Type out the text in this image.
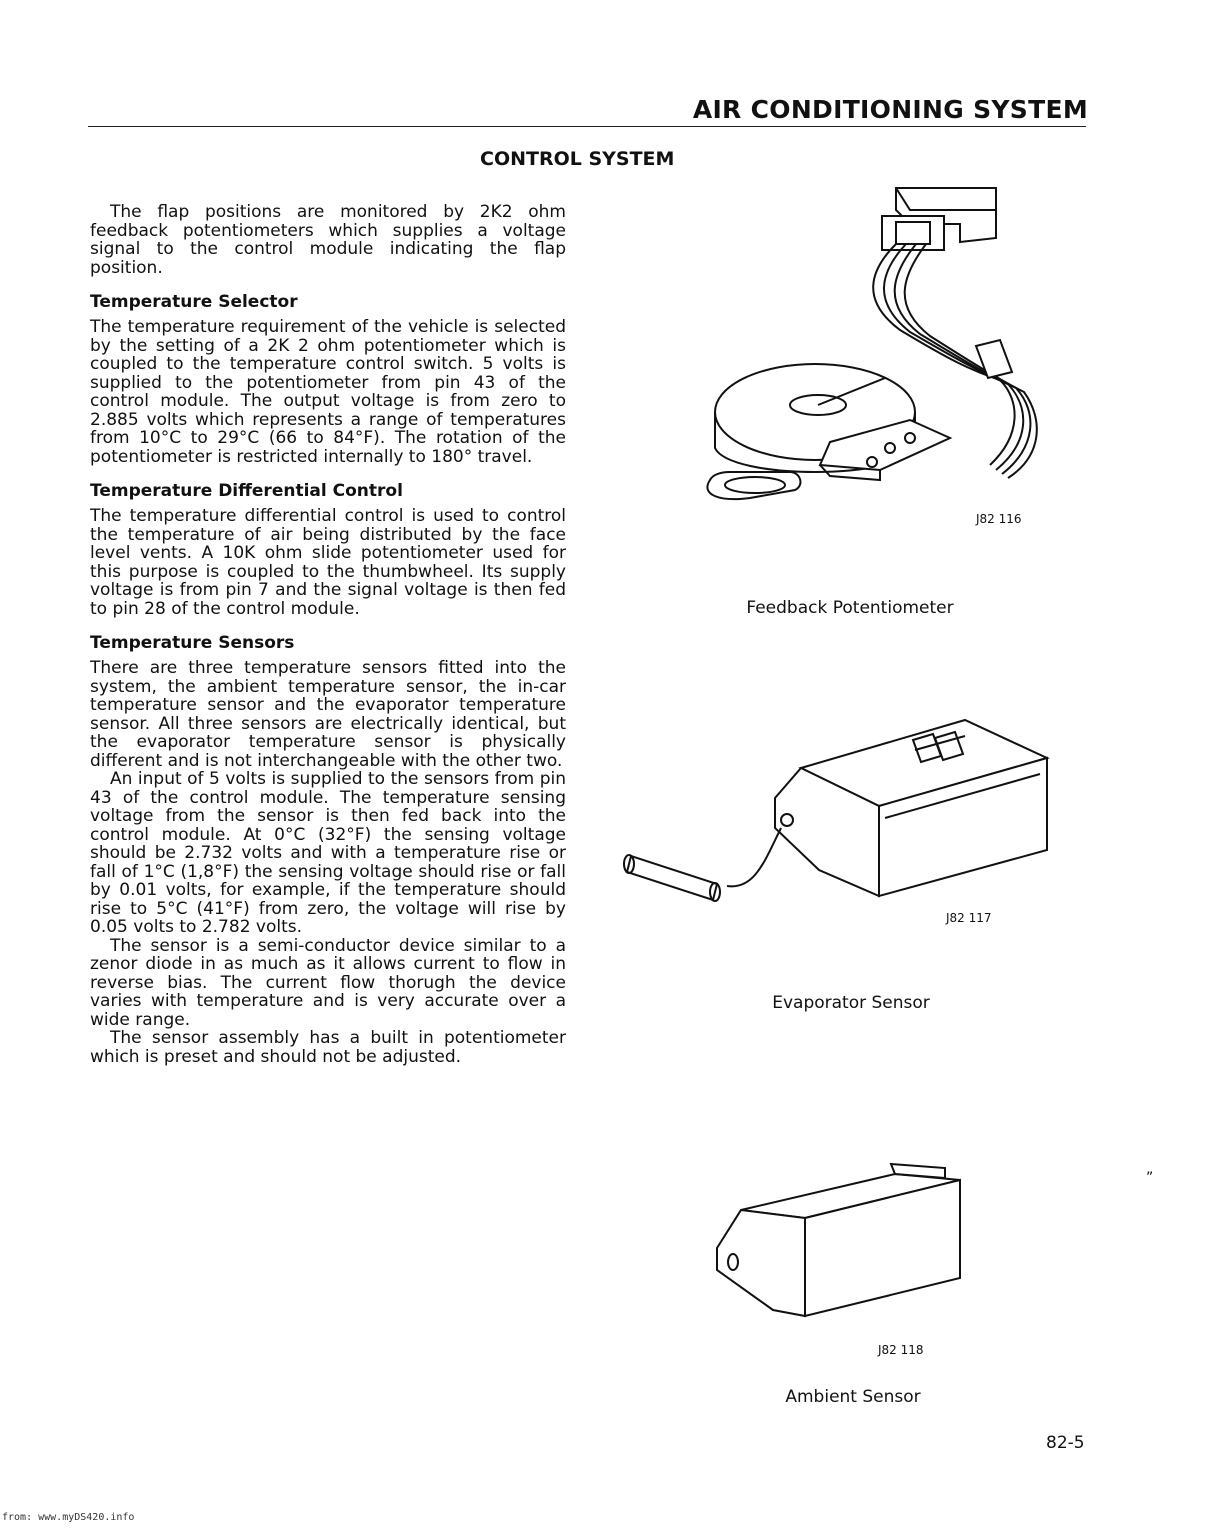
AIR CONDITIONING SYSTEM
CONTROL SYSTEM

The flap positions are monitored by 2K2 ohm feedback potentiometers which supplies a voltage signal to the control module indicating the flap position.

Temperature Selector

The temperature requirement of the vehicle is selected by the setting of a 2K 2 ohm potentiometer which is coupled to the temperature control switch. 5 volts is supplied to the potentiometer from pin 43 of the control module. The output voltage is from zero to 2.885 volts which represents a range of temperatures from 10°C to 29°C (66 to 84°F). The rotation of the potentiometer is restricted internally to 180° travel.

Temperature Differential Control

The temperature differential control is used to control the temperature of air being distributed by the face level vents. A 10K ohm slide potentiometer used for this purpose is coupled to the thumbwheel. Its supply voltage is from pin 7 and the signal voltage is then fed to pin 28 of the control module.

Temperature Sensors

There are three temperature sensors fitted into the system, the ambient temperature sensor, the in-car temperature sensor and the evaporator temperature sensor. All three sensors are electrically identical, but the evaporator temperature sensor is physically different and is not interchangeable with the other two.

An input of 5 volts is supplied to the sensors from pin 43 of the control module. The temperature sensing voltage from the sensor is then fed back into the control module. At 0°C (32°F) the sensing voltage should be 2.732 volts and with a temperature rise or fall of 1°C (1,8°F) the sensing voltage should rise or fall by 0.01 volts, for example, if the temperature should rise to 5°C (41°F) from zero, the voltage will rise by 0.05 volts to 2.782 volts.

The sensor is a semi-conductor device similar to a zenor diode in as much as it allows current to flow in reverse bias. The current flow thorugh the device varies with temperature and is very accurate over a wide range.

The sensor assembly has a built in potentiometer which is preset and should not be adjusted.

J82 116
Feedback Potentiometer
J82 117
Evaporator Sensor
J82 118
Ambient Sensor
”
82-5
from: www.myDS420.info
